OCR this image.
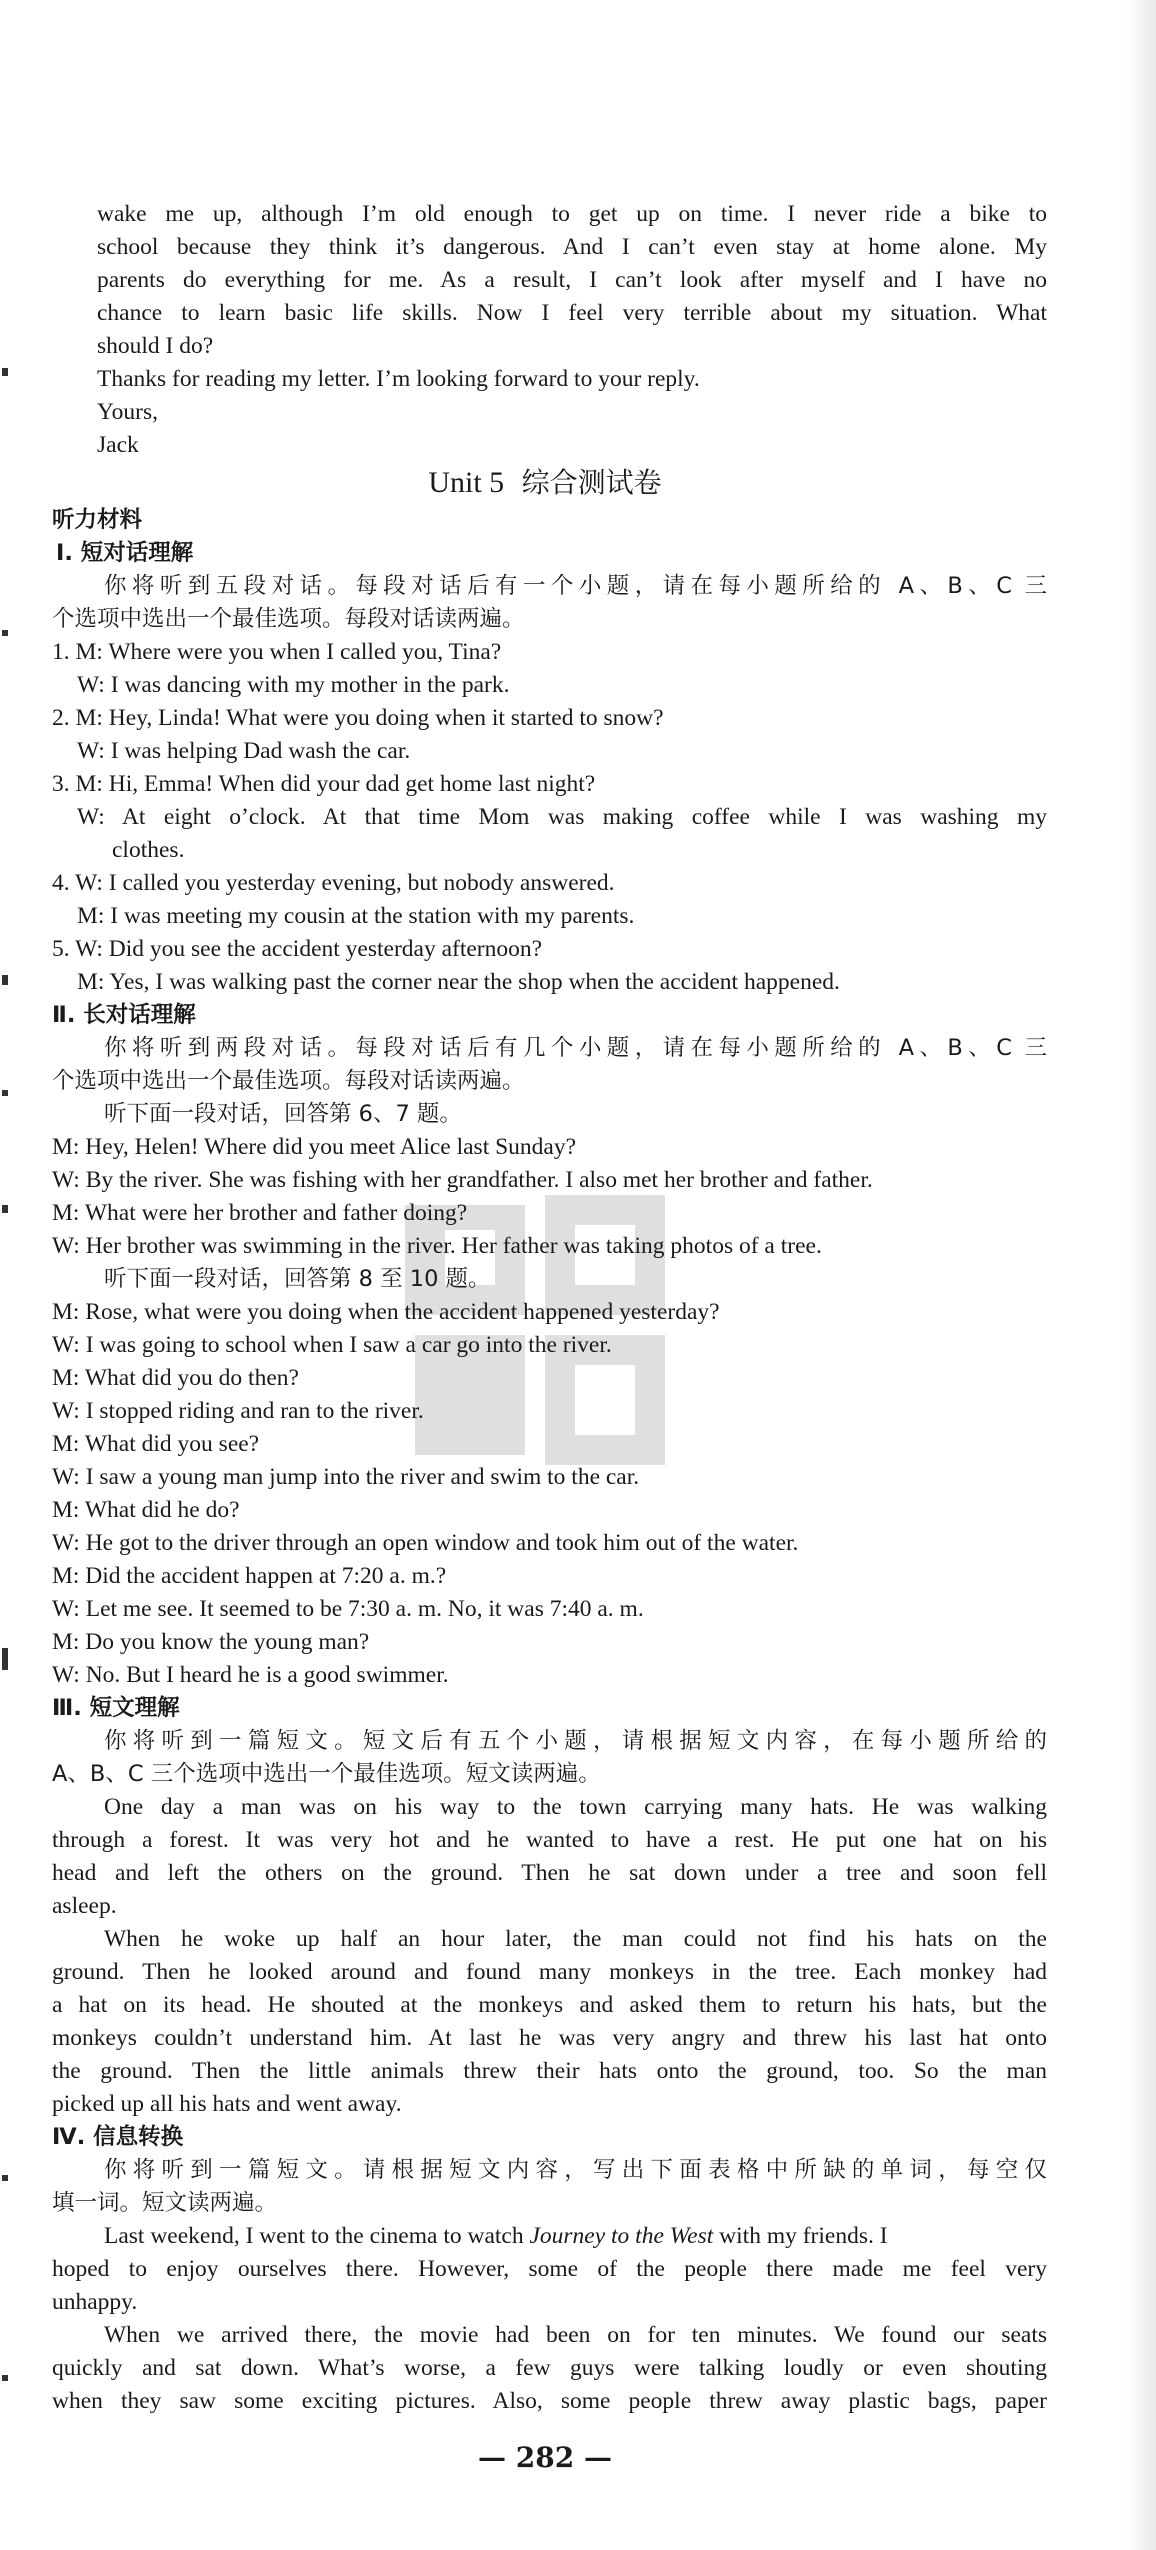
wake me up, although I’m old enough to get up on time. I never ride a bike to
school because they think it’s dangerous. And I can’t even stay at home alone. My
parents do everything for me. As a result, I can’t look after myself and I have no
chance to learn basic life skills. Now I feel very terrible about my situation. What
should I do?
Thanks for reading my letter. I’m looking forward to your reply.
Yours,
Jack
Unit 5 综合测试卷
听力材料
Ⅰ. 短对话理解
你将听到五段对话。每段对话后有一个小题，请在每小题所给的 A、B、C 三
个选项中选出一个最佳选项。每段对话读两遍。
1. M: Where were you when I called you, Tina?
W: I was dancing with my mother in the park.
2. M: Hey, Linda! What were you doing when it started to snow?
W: I was helping Dad wash the car.
3. M: Hi, Emma! When did your dad get home last night?
W: At eight o’clock. At that time Mom was making coffee while I was washing my
clothes.
4. W: I called you yesterday evening, but nobody answered.
M: I was meeting my cousin at the station with my parents.
5. W: Did you see the accident yesterday afternoon?
M: Yes, I was walking past the corner near the shop when the accident happened.
Ⅱ. 长对话理解
你将听到两段对话。每段对话后有几个小题，请在每小题所给的 A、B、C 三
个选项中选出一个最佳选项。每段对话读两遍。
听下面一段对话，回答第 6、7 题。
M: Hey, Helen! Where did you meet Alice last Sunday?
W: By the river. She was fishing with her grandfather. I also met her brother and father.
M: What were her brother and father doing?
W: Her brother was swimming in the river. Her father was taking photos of a tree.
听下面一段对话，回答第 8 至 10 题。
M: Rose, what were you doing when the accident happened yesterday?
W: I was going to school when I saw a car go into the river.
M: What did you do then?
W: I stopped riding and ran to the river.
M: What did you see?
W: I saw a young man jump into the river and swim to the car.
M: What did he do?
W: He got to the driver through an open window and took him out of the water.
M: Did the accident happen at 7:20 a. m.?
W: Let me see. It seemed to be 7:30 a. m. No, it was 7:40 a. m.
M: Do you know the young man?
W: No. But I heard he is a good swimmer.
Ⅲ. 短文理解
你将听到一篇短文。短文后有五个小题，请根据短文内容，在每小题所给的
A、B、C 三个选项中选出一个最佳选项。短文读两遍。
One day a man was on his way to the town carrying many hats. He was walking
through a forest. It was very hot and he wanted to have a rest. He put one hat on his
head and left the others on the ground. Then he sat down under a tree and soon fell
asleep.
When he woke up half an hour later, the man could not find his hats on the
ground. Then he looked around and found many monkeys in the tree. Each monkey had
a hat on its head. He shouted at the monkeys and asked them to return his hats, but the
monkeys couldn’t understand him. At last he was very angry and threw his last hat onto
the ground. Then the little animals threw their hats onto the ground, too. So the man
picked up all his hats and went away.
Ⅳ. 信息转换
你将听到一篇短文。请根据短文内容，写出下面表格中所缺的单词，每空仅
填一词。短文读两遍。
Last weekend, I went to the cinema to watch Journey to the West with my friends. I
hoped to enjoy ourselves there. However, some of the people there made me feel very
unhappy.
When we arrived there, the movie had been on for ten minutes. We found our seats
quickly and sat down. What’s worse, a few guys were talking loudly or even shouting
when they saw some exciting pictures. Also, some people threw away plastic bags, paper
— 282 —
